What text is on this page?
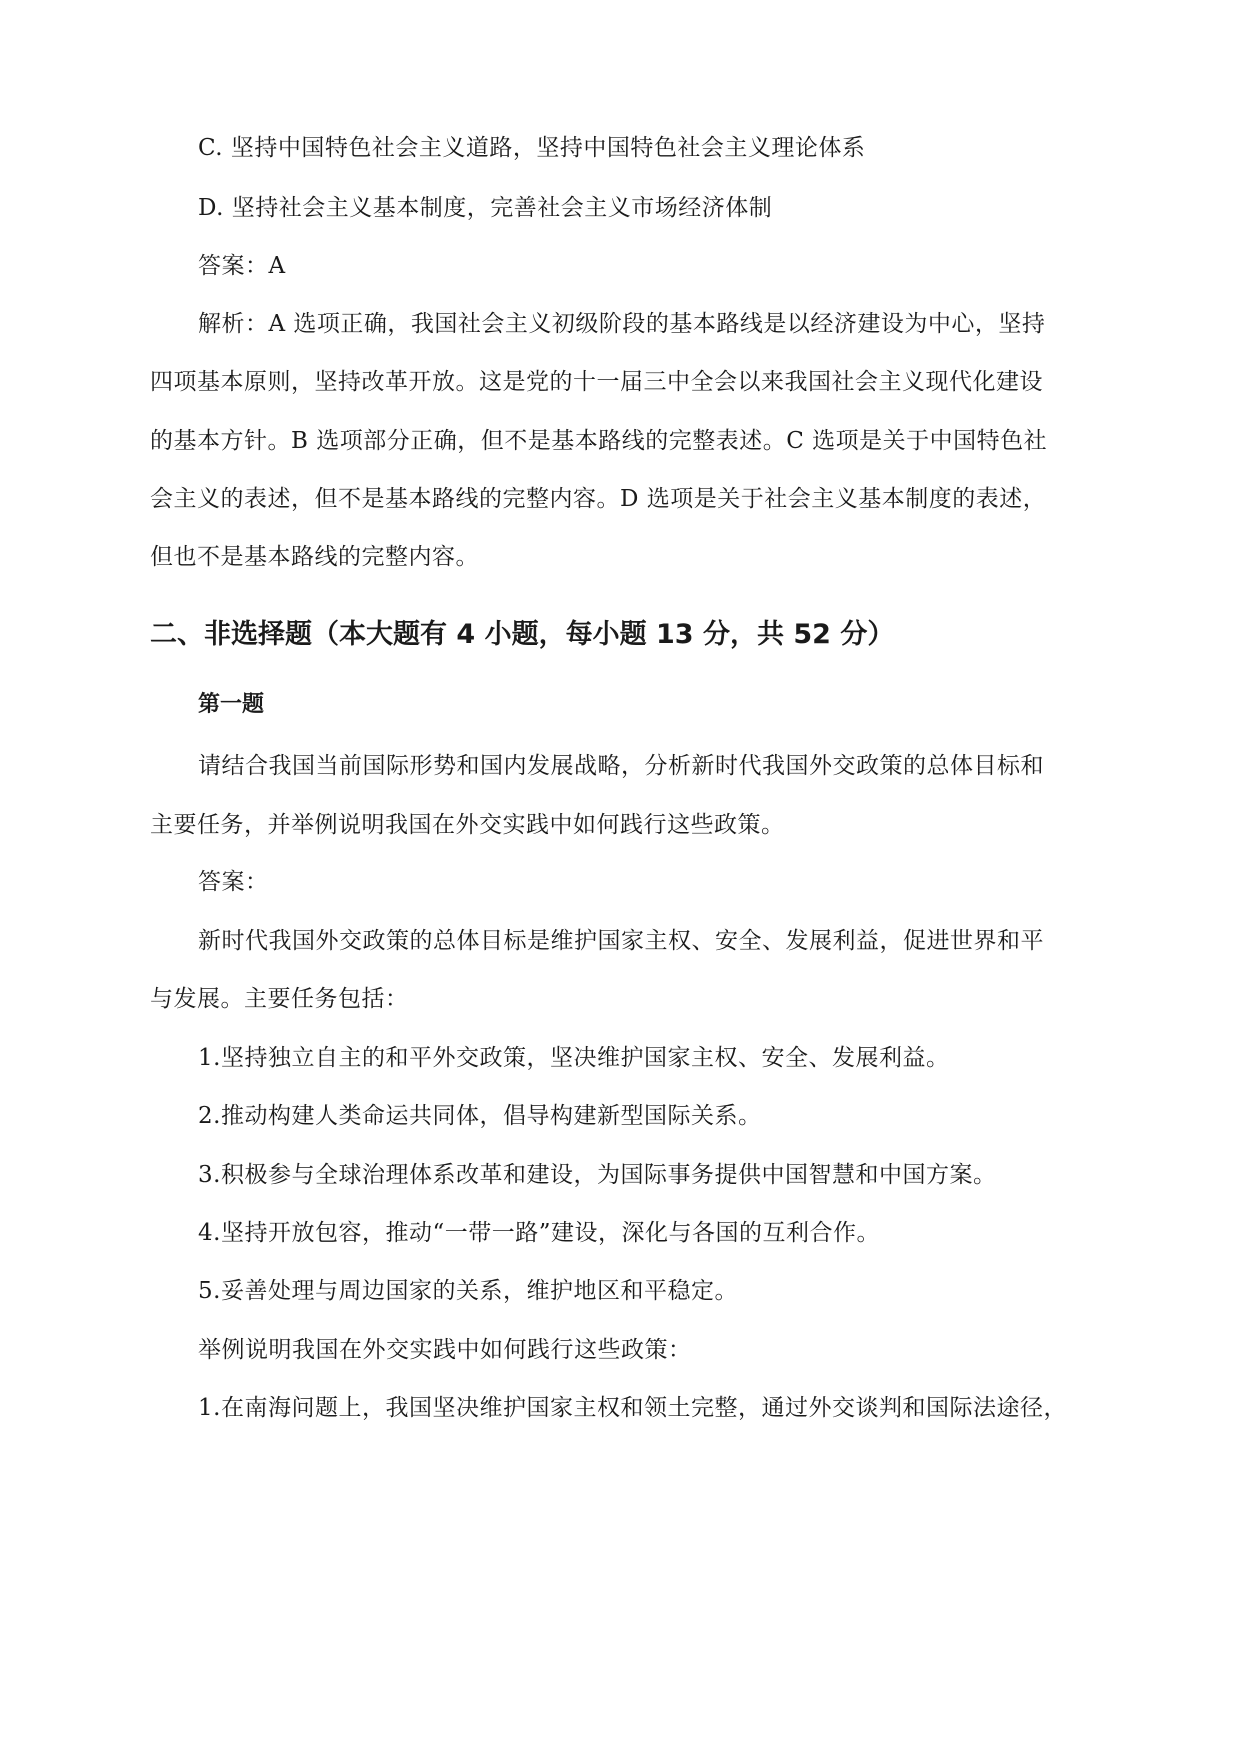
C. 坚持中国特色社会主义道路，坚持中国特色社会主义理论体系
D. 坚持社会主义基本制度，完善社会主义市场经济体制
答案：A
解析：A 选项正确，我国社会主义初级阶段的基本路线是以经济建设为中心，坚持
四项基本原则，坚持改革开放。这是党的十一届三中全会以来我国社会主义现代化建设
的基本方针。B 选项部分正确，但不是基本路线的完整表述。C 选项是关于中国特色社
会主义的表述，但不是基本路线的完整内容。D 选项是关于社会主义基本制度的表述，
但也不是基本路线的完整内容。
二、非选择题（本大题有 4 小题，每小题 13 分，共 52 分）
第一题
请结合我国当前国际形势和国内发展战略，分析新时代我国外交政策的总体目标和
主要任务，并举例说明我国在外交实践中如何践行这些政策。
答案：
新时代我国外交政策的总体目标是维护国家主权、安全、发展利益，促进世界和平
与发展。主要任务包括：
1.坚持独立自主的和平外交政策，坚决维护国家主权、安全、发展利益。
2.推动构建人类命运共同体，倡导构建新型国际关系。
3.积极参与全球治理体系改革和建设，为国际事务提供中国智慧和中国方案。
4.坚持开放包容，推动“一带一路”建设，深化与各国的互利合作。
5.妥善处理与周边国家的关系，维护地区和平稳定。
举例说明我国在外交实践中如何践行这些政策：
1.在南海问题上，我国坚决维护国家主权和领土完整，通过外交谈判和国际法途径，
